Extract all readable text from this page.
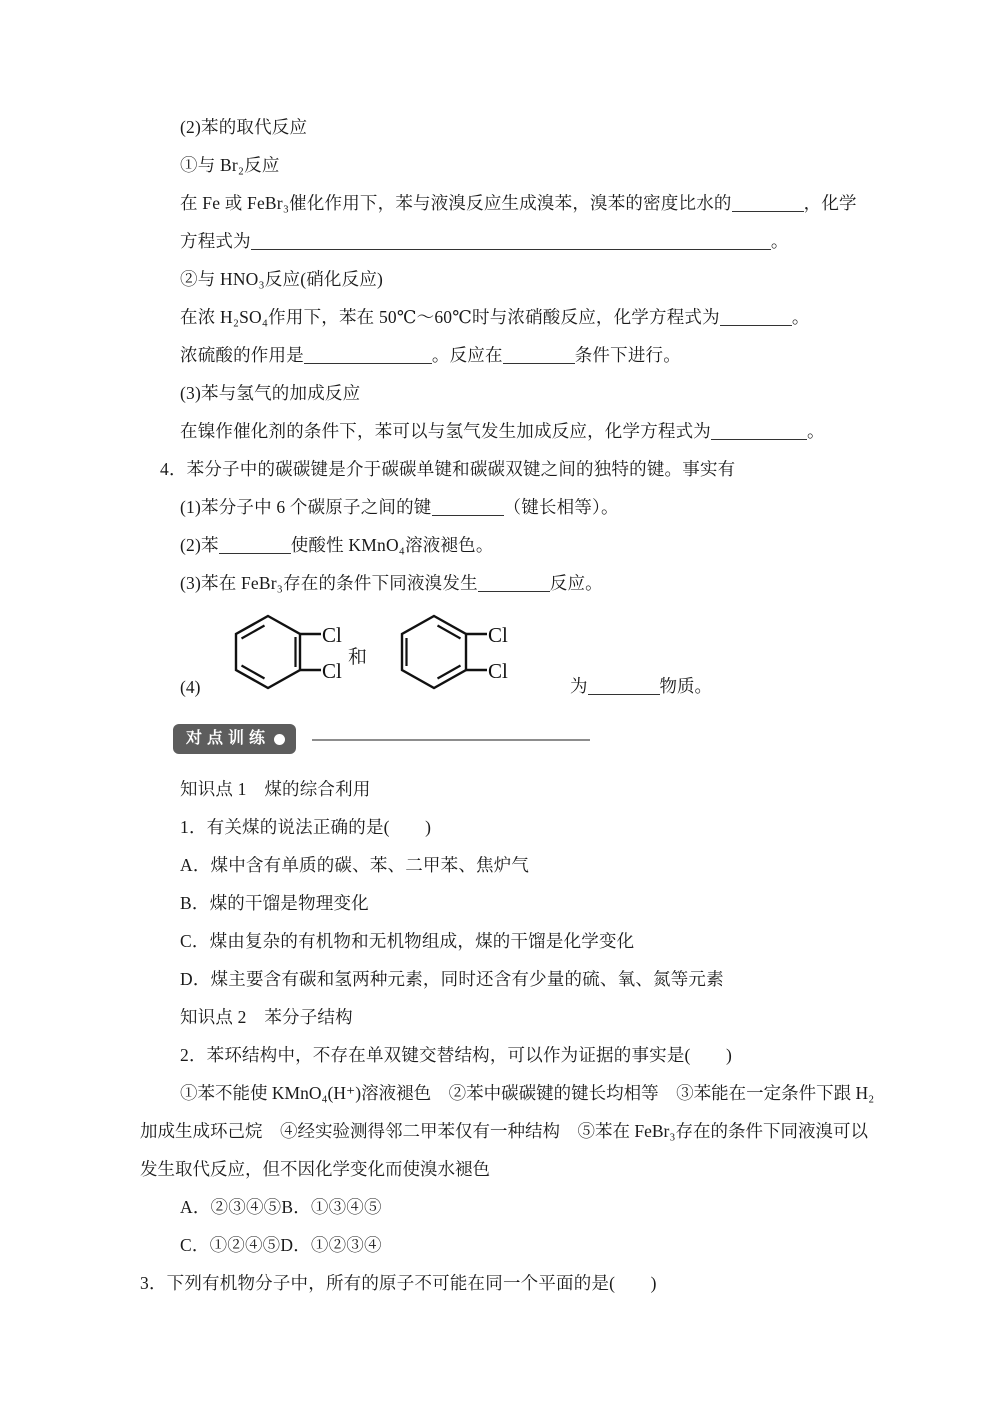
(2)苯的取代反应
①与 Br₂反应
在 Fe 或 FeBr₃催化作用下，苯与液溴反应生成溴苯，溴苯的密度比水的	，化学
方程式为	。
②与 HNO₃反应(硝化反应)
在浓 H₂SO₄作用下，苯在 50℃～60℃时与浓硝酸反应，化学方程式为	。
浓硫酸的作用是	。反应在	条件下进行。
(3)苯与氢气的加成反应
在镍作催化剂的条件下，苯可以与氢气发生加成反应，化学方程式为	。
4．苯分子中的碳碳键是介于碳碳单键和碳碳双键之间的独特的键。事实有
(1)苯分子中 6 个碳原子之间的键	（键长相等）。
(2)苯	使酸性 KMnO₄溶液褪色。
(3)苯在 FeBr₃存在的条件下同液溴发生	反应。
(4)
Cl
Cl
和
Cl
Cl
为	物质。
对点训练
知识点 1　煤的综合利用
1．有关煤的说法正确的是(　　)
A．煤中含有单质的碳、苯、二甲苯、焦炉气
B．煤的干馏是物理变化
C．煤由复杂的有机物和无机物组成，煤的干馏是化学变化
D．煤主要含有碳和氢两种元素，同时还含有少量的硫、氧、氮等元素
知识点 2　苯分子结构
2．苯环结构中，不存在单双键交替结构，可以作为证据的事实是(　　)
①苯不能使 KMnO₄(H⁺)溶液褪色　②苯中碳碳键的键长均相等　③苯能在一定条件下跟 H₂加成生成环己烷　④经实验测得邻二甲苯仅有一种结构　⑤苯在 FeBr₃存在的条件下同液溴可以发生取代反应，但不因化学变化而使溴水褪色
A．②③④⑤B．①③④⑤
C．①②④⑤D．①②③④
3．下列有机物分子中，所有的原子不可能在同一个平面的是(　　)
